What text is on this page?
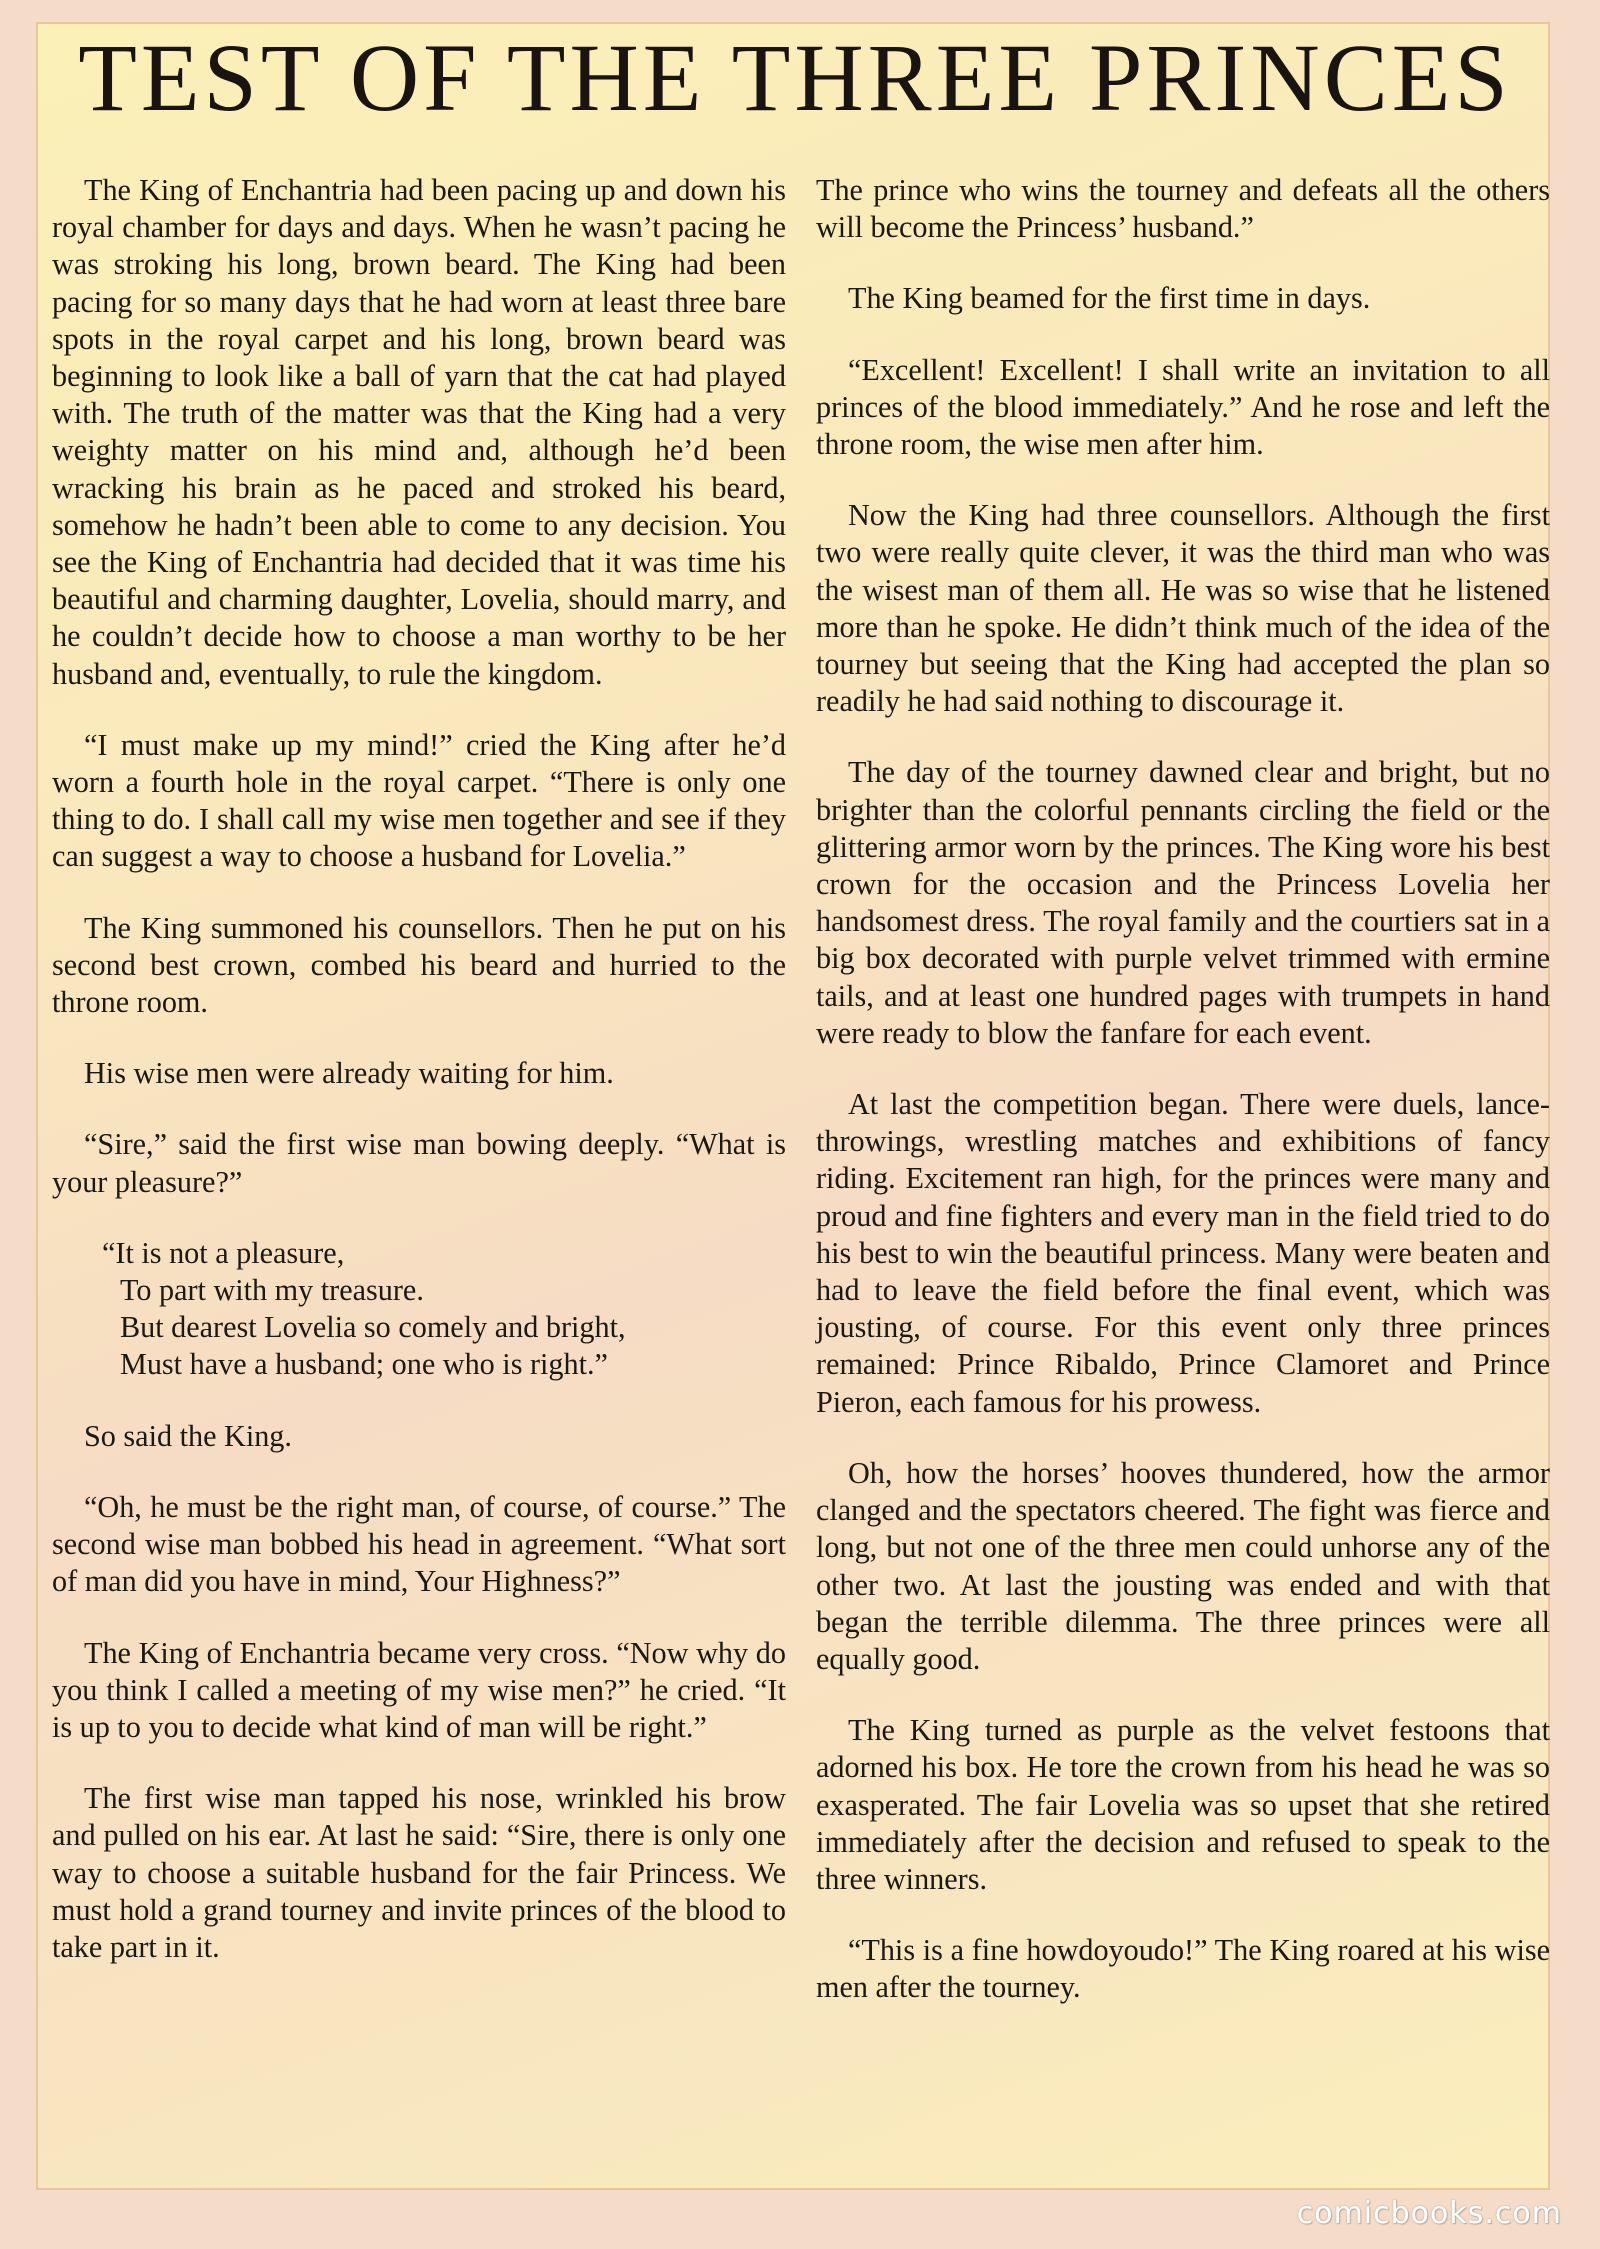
TEST OF THE THREE PRINCES

The King of Enchantria had been pacing up and down his royal chamber for days and days. When he wasn’t pacing he was stroking his long, brown beard. The King had been pacing for so many days that he had worn at least three bare spots in the royal carpet and his long, brown beard was beginning to look like a ball of yarn that the cat had played with. The truth of the matter was that the King had a very weighty matter on his mind and, although he’d been wracking his brain as he paced and stroked his beard, somehow he hadn’t been able to come to any decision. You see the King of Enchantria had decided that it was time his beautiful and charming daughter, Lovelia, should marry, and he couldn’t decide how to choose a man worthy to be her husband and, eventually, to rule the kingdom.

“I must make up my mind!” cried the King after he’d worn a fourth hole in the royal carpet. “There is only one thing to do. I shall call my wise men together and see if they can suggest a way to choose a husband for Lovelia.”

The King summoned his counsellors. Then he put on his second best crown, combed his beard and hurried to the throne room.

His wise men were already waiting for him.

“Sire,” said the first wise man bowing deeply. “What is your pleasure?”

“It is not a pleasure,
To part with my treasure.
But dearest Lovelia so comely and bright,
Must have a husband; one who is right.”

So said the King.

“Oh, he must be the right man, of course, of course.” The second wise man bobbed his head in agreement. “What sort of man did you have in mind, Your Highness?”

The King of Enchantria became very cross. “Now why do you think I called a meeting of my wise men?” he cried. “It is up to you to decide what kind of man will be right.”

The first wise man tapped his nose, wrinkled his brow and pulled on his ear. At last he said: “Sire, there is only one way to choose a suitable husband for the fair Princess. We must hold a grand tourney and invite princes of the blood to take part in it.

The prince who wins the tourney and defeats all the others will become the Princess’ husband.”

The King beamed for the first time in days.

“Excellent! Excellent! I shall write an invitation to all princes of the blood immediately.” And he rose and left the throne room, the wise men after him.

Now the King had three counsellors. Although the first two were really quite clever, it was the third man who was the wisest man of them all. He was so wise that he listened more than he spoke. He didn’t think much of the idea of the tourney but seeing that the King had accepted the plan so readily he had said nothing to discourage it.

The day of the tourney dawned clear and bright, but no brighter than the colorful pennants circling the field or the glittering armor worn by the princes. The King wore his best crown for the occasion and the Princess Lovelia her handsomest dress. The royal family and the courtiers sat in a big box decorated with purple velvet trimmed with ermine tails, and at least one hundred pages with trumpets in hand were ready to blow the fanfare for each event.

At last the competition began. There were duels, lance-throwings, wrestling matches and exhibitions of fancy riding. Excitement ran high, for the princes were many and proud and fine fighters and every man in the field tried to do his best to win the beautiful princess. Many were beaten and had to leave the field before the final event, which was jousting, of course. For this event only three princes remained: Prince Ribaldo, Prince Clamoret and Prince Pieron, each famous for his prowess.

Oh, how the horses’ hooves thundered, how the armor clanged and the spectators cheered. The fight was fierce and long, but not one of the three men could unhorse any of the other two. At last the jousting was ended and with that began the terrible dilemma. The three princes were all equally good.

The King turned as purple as the velvet festoons that adorned his box. He tore the crown from his head he was so exasperated. The fair Lovelia was so upset that she retired immediately after the decision and refused to speak to the three winners.

“This is a fine howdoyoudo!” The King roared at his wise men after the tourney.

comicbooks.com
